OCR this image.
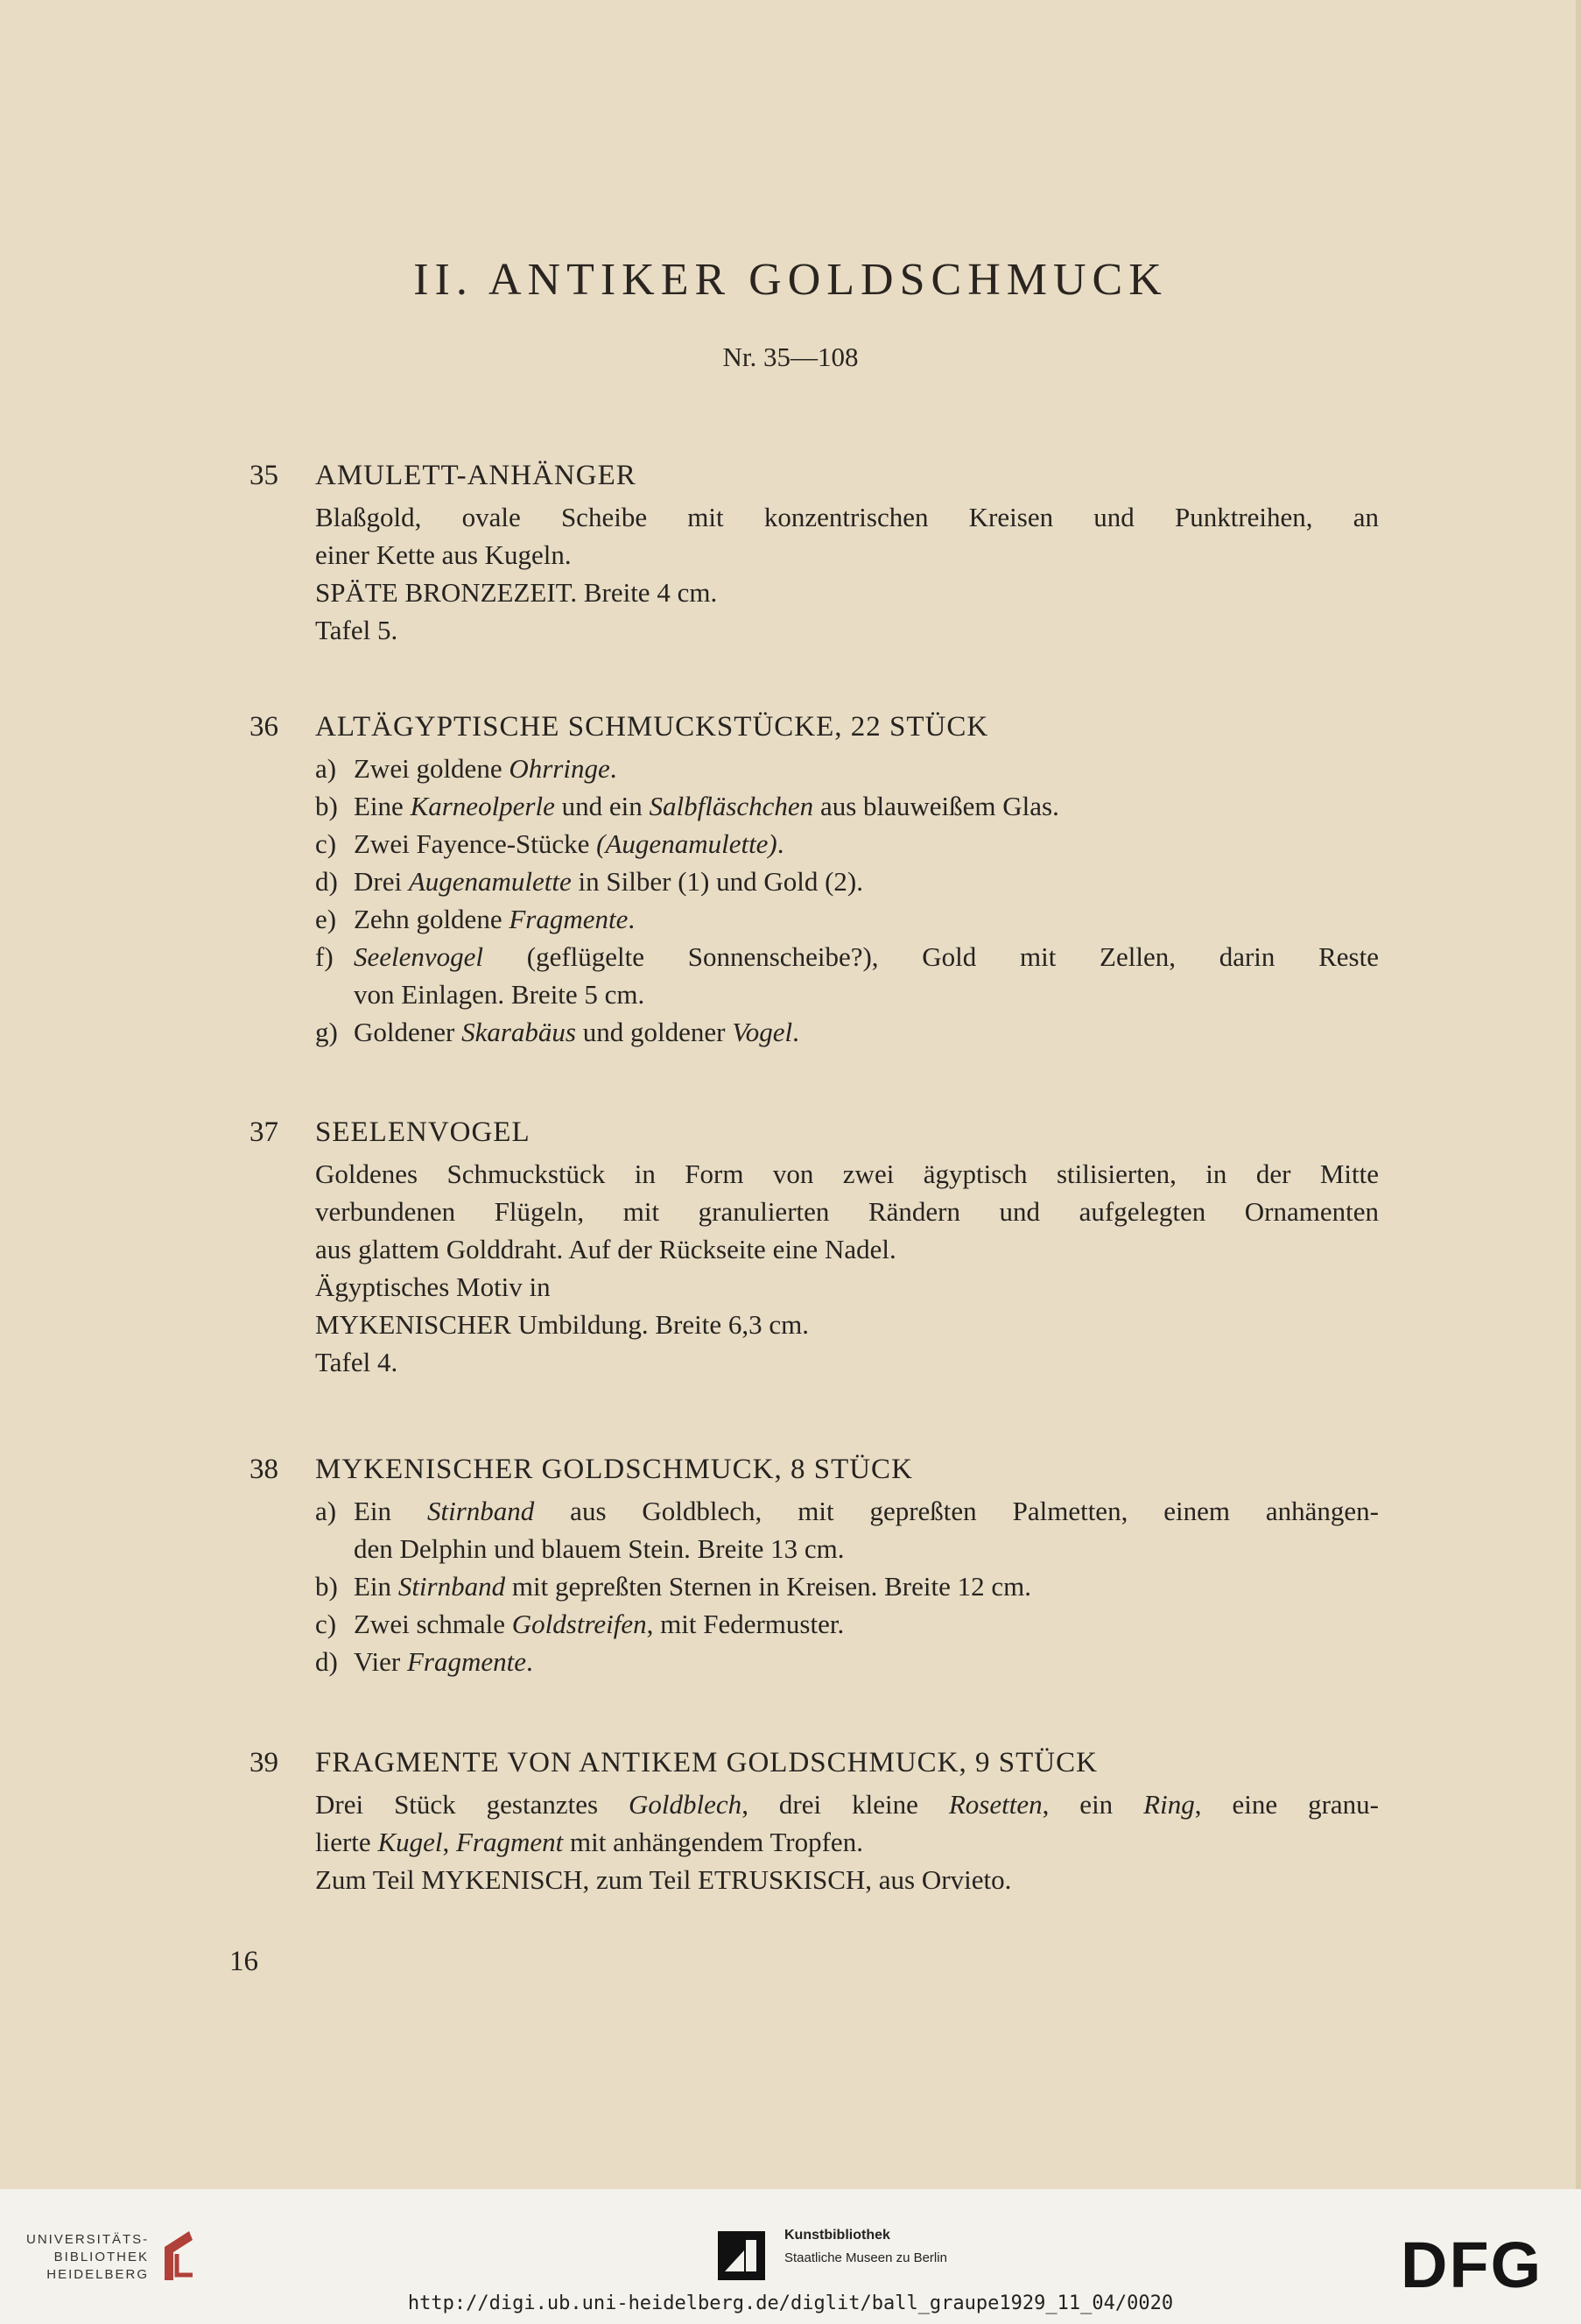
II. ANTIKER GOLDSCHMUCK
Nr. 35—108
35 AMULETT-ANHÄNGER
Blaßgold, ovale Scheibe mit konzentrischen Kreisen und Punktreihen, an
einer Kette aus Kugeln.
SPÄTE BRONZEZEIT. Breite 4 cm.
Tafel 5.
36 ALTÄGYPTISCHE SCHMUCKSTÜCKE, 22 STÜCK
a) Zwei goldene Ohrringe.
b) Eine Karneolperle und ein Salbfläschchen aus blauweißem Glas.
c) Zwei Fayence-Stücke (Augenamulette).
d) Drei Augenamulette in Silber (1) und Gold (2).
e) Zehn goldene Fragmente.
f) Seelenvogel (geflügelte Sonnenscheibe?), Gold mit Zellen, darin Reste
von Einlagen. Breite 5 cm.
g) Goldener Skarabäus und goldener Vogel.
37 SEELENVOGEL
Goldenes Schmuckstück in Form von zwei ägyptisch stilisierten, in der Mitte
verbundenen Flügeln, mit granulierten Rändern und aufgelegten Ornamenten
aus glattem Golddraht. Auf der Rückseite eine Nadel.
Ägyptisches Motiv in
MYKENISCHER Umbildung. Breite 6,3 cm.
Tafel 4.
38 MYKENISCHER GOLDSCHMUCK, 8 STÜCK
a) Ein Stirnband aus Goldblech, mit gepreßten Palmetten, einem anhängen-
den Delphin und blauem Stein. Breite 13 cm.
b) Ein Stirnband mit gepreßten Sternen in Kreisen. Breite 12 cm.
c) Zwei schmale Goldstreifen, mit Federmuster.
d) Vier Fragmente.
39 FRAGMENTE VON ANTIKEM GOLDSCHMUCK, 9 STÜCK
Drei Stück gestanztes Goldblech, drei kleine Rosetten, ein Ring, eine granu-
lierte Kugel, Fragment mit anhängendem Tropfen.
Zum Teil MYKENISCH, zum Teil ETRUSKISCH, aus Orvieto.
16
UNIVERSITÄTS-
BIBLIOTHEK
HEIDELBERG
Kunstbibliothek
Staatliche Museen zu Berlin	DFG
http://digi.ub.uni-heidelberg.de/diglit/ball_graupe1929_11_04/0020
